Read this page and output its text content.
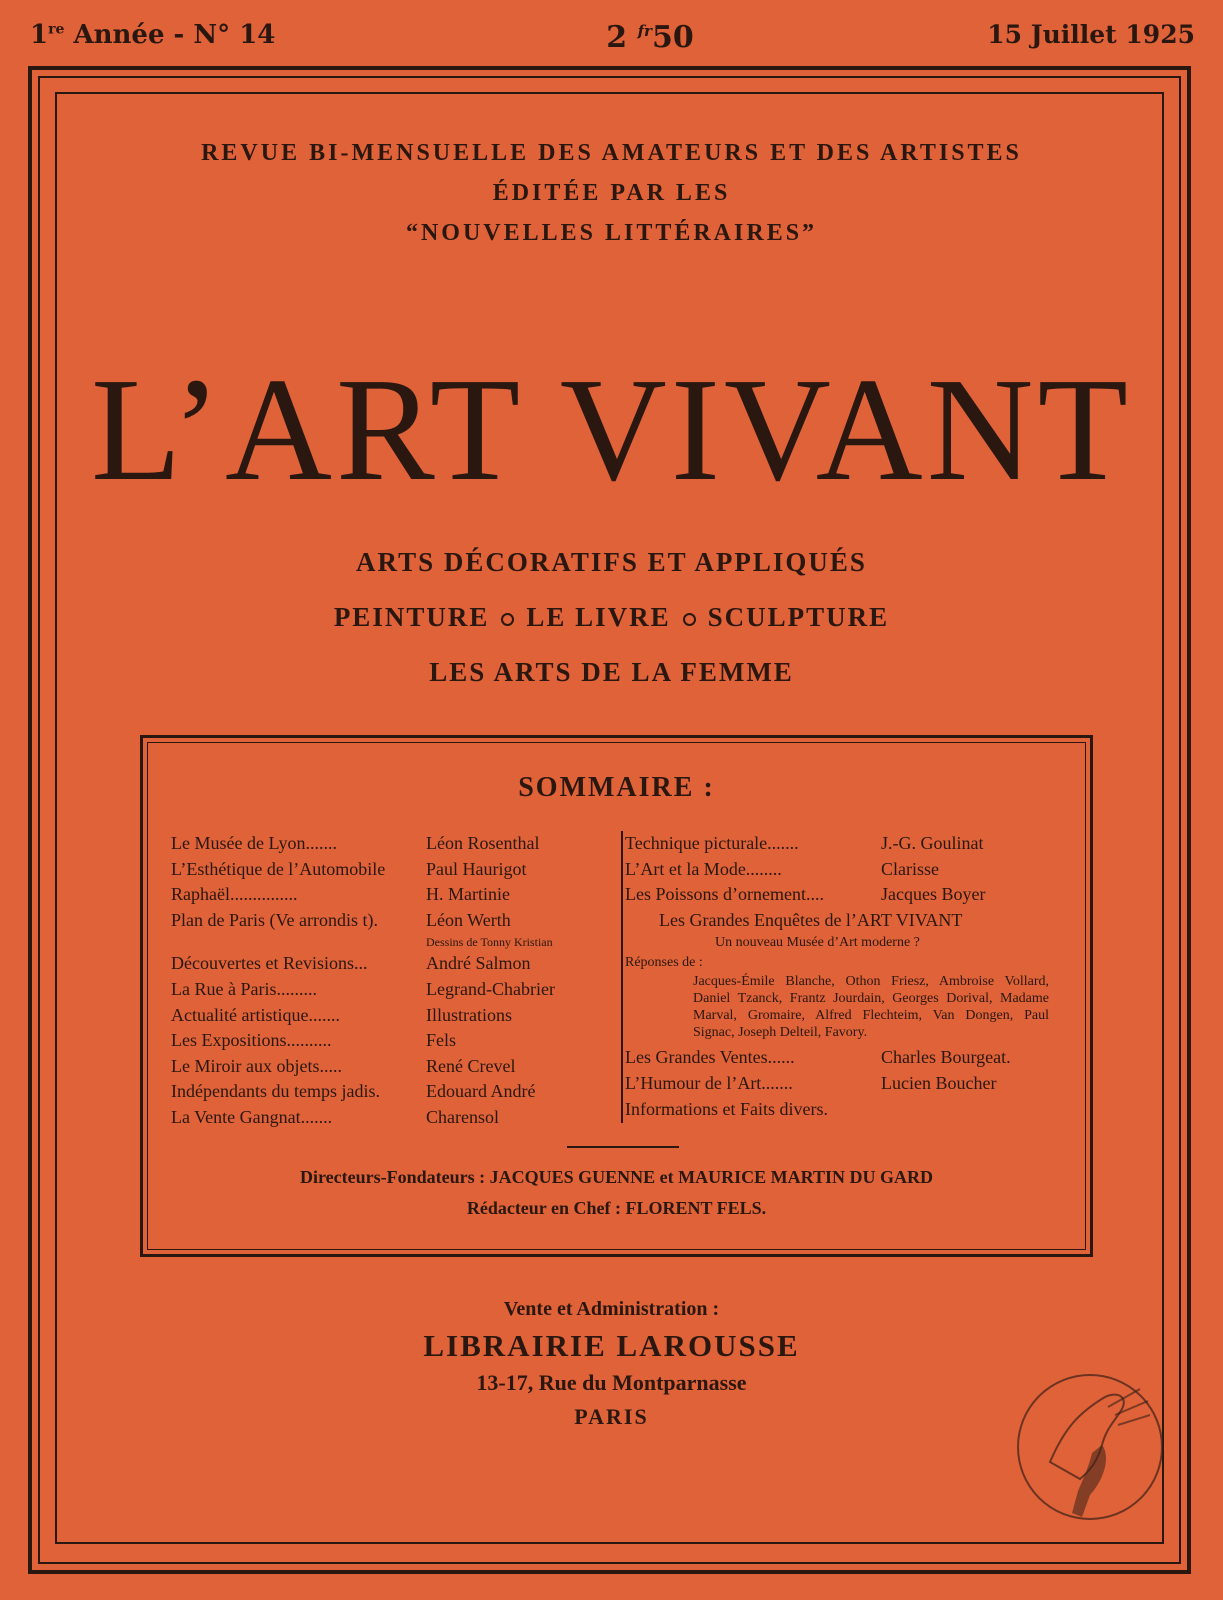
1re Année - N° 14	2 $^{fr}$50	15 Juillet 1925
REVUE BI-MENSUELLE DES AMATEURS ET DES ARTISTES
ÉDITÉE PAR LES
“NOUVELLES LITTÉRAIRES”
L’ART VIVANT
ARTS DÉCORATIFS ET APPLIQUÉS
PEINTURE LE LIVRE SCULPTURE
LES ARTS DE LA FEMME
SOMMAIRE :
Le Musée de Lyon.......	Léon Rosenthal
L’Esthétique de l’Automobile	Paul Haurigot
Raphaël...............	H. Martinie
Plan de Paris (Ve arrondis t).	Léon Werth
Dessins de Tonny Kristian
Découvertes et Revisions...	André Salmon
La Rue à Paris.........	Legrand-Chabrier
Actualité artistique.......	Illustrations
Les Expositions..........	Fels
Le Miroir aux objets.....	René Crevel
Indépendants du temps jadis.	Edouard André
La Vente Gangnat.......	Charensol
Technique picturale.......	J.-G. Goulinat
L’Art et la Mode........	Clarisse
Les Poissons d’ornement....	Jacques Boyer
Les Grandes Enquêtes de l’ART VIVANT
Un nouveau Musée d’Art moderne ?
Réponses de :
Jacques-Émile Blanche, Othon Friesz, Ambroise Vollard, Daniel Tzanck, Frantz Jourdain, Georges Dorival, Madame Marval, Gromaire, Alfred Flechteim, Van Dongen, Paul Signac, Joseph Delteil, Favory.
Les Grandes Ventes......	Charles Bourgeat.
L’Humour de l’Art.......	Lucien Boucher
Informations et Faits divers.
Directeurs-Fondateurs : JACQUES GUENNE et MAURICE MARTIN DU GARD
Rédacteur en Chef : FLORENT FELS.
Vente et Administration :
LIBRAIRIE LAROUSSE
13-17, Rue du Montparnasse
PARIS
